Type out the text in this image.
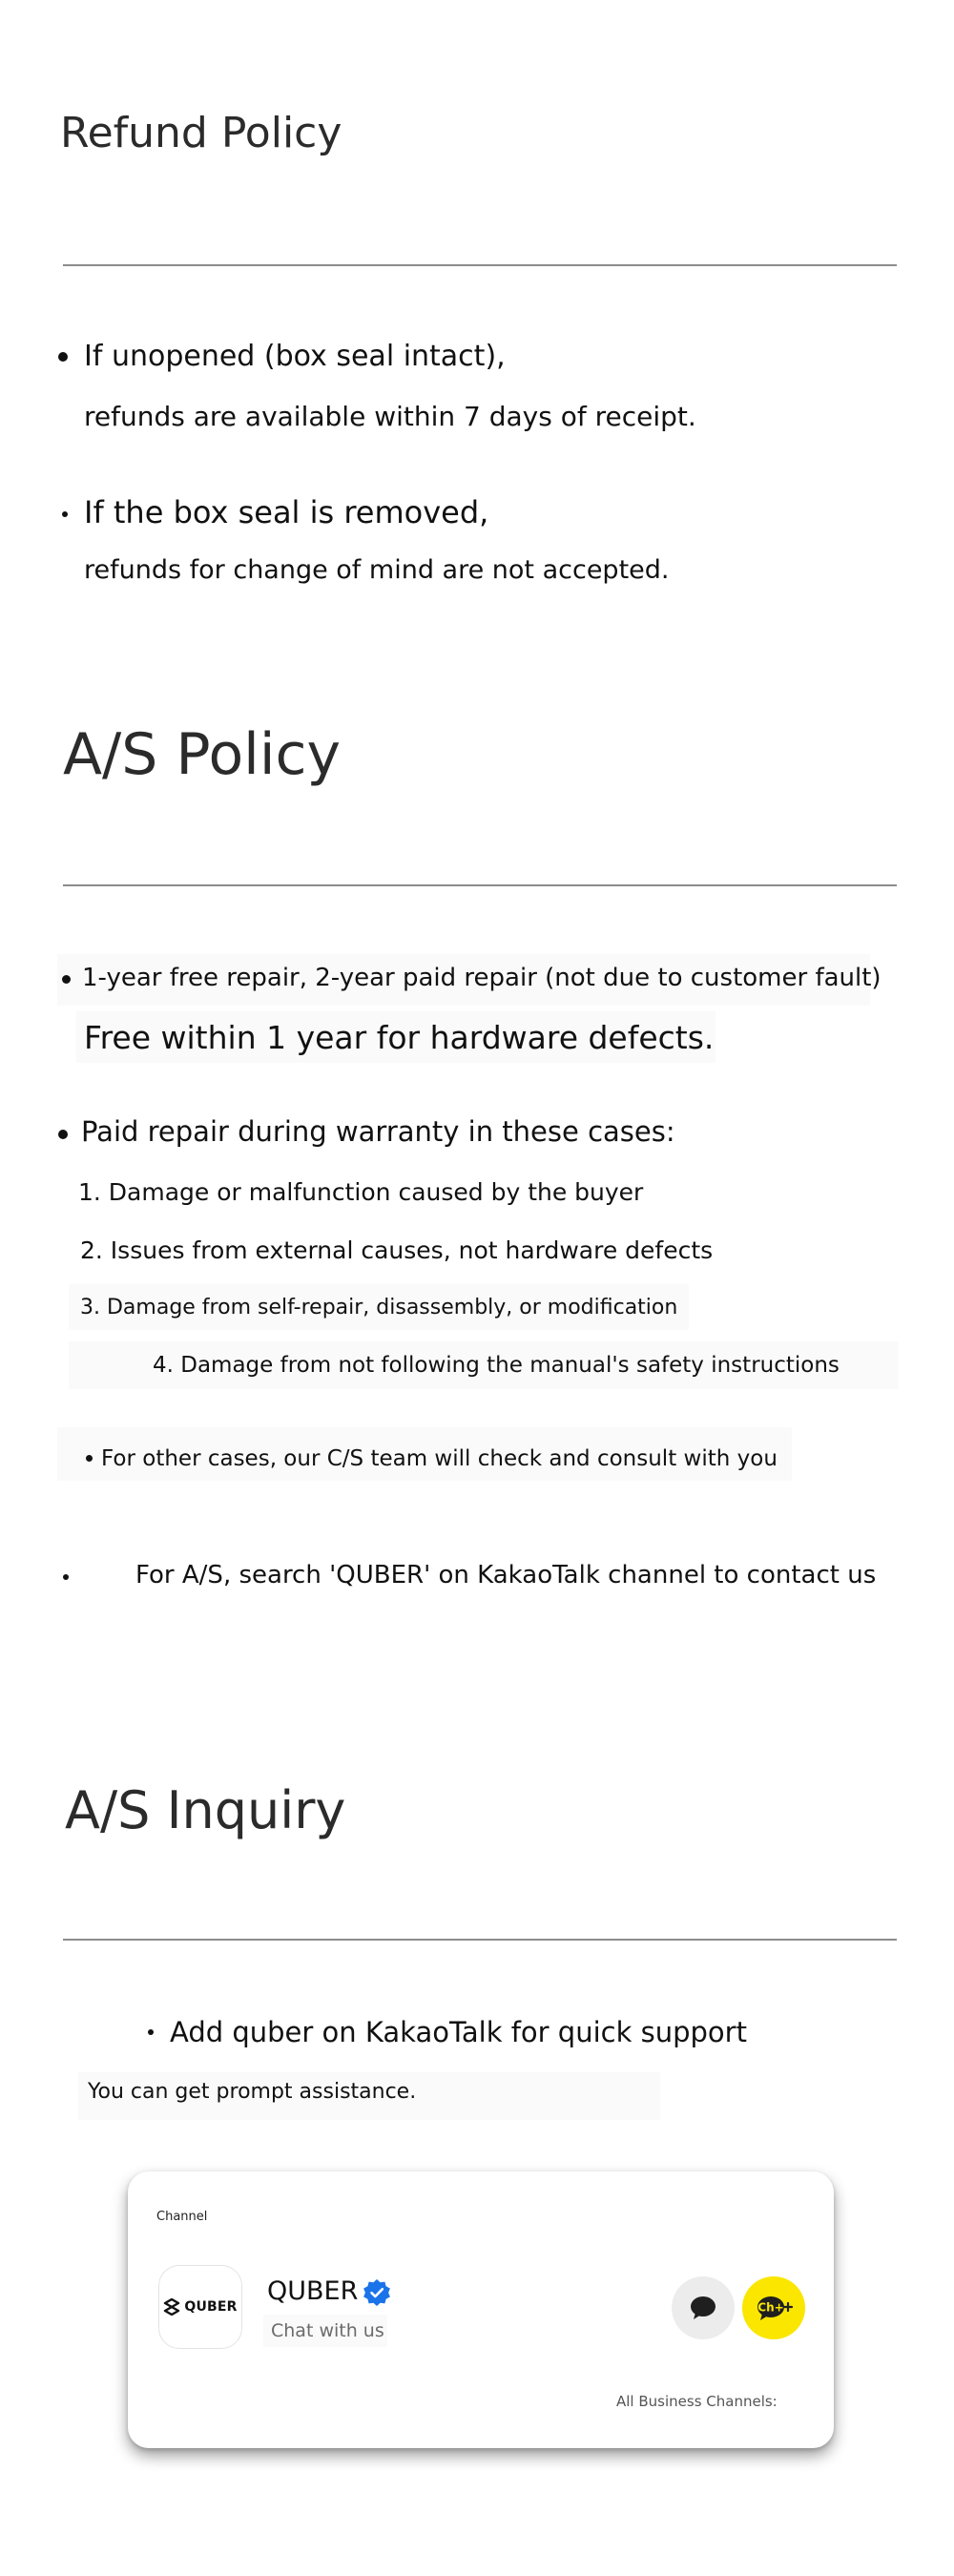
Refund Policy
If unopened (box seal intact),
refunds are available within 7 days of receipt.
If the box seal is removed,
refunds for change of mind are not accepted.
A/S Policy
1-year free repair, 2-year paid repair (not due to customer fault)
Free within 1 year for hardware defects.
Paid repair during warranty in these cases:
1. Damage or malfunction caused by the buyer
2. Issues from external causes, not hardware defects
3. Damage from self-repair, disassembly, or modification
4. Damage from not following the manual's safety instructions
For other cases, our C/S team will check and consult with you
For A/S, search 'QUBER' on KakaoTalk channel to contact us
A/S Inquiry
Add quber on KakaoTalk for quick support
You can get prompt assistance.
Channel
QUBER
QUBER
Chat with us
Ch+
All Business Channels:
